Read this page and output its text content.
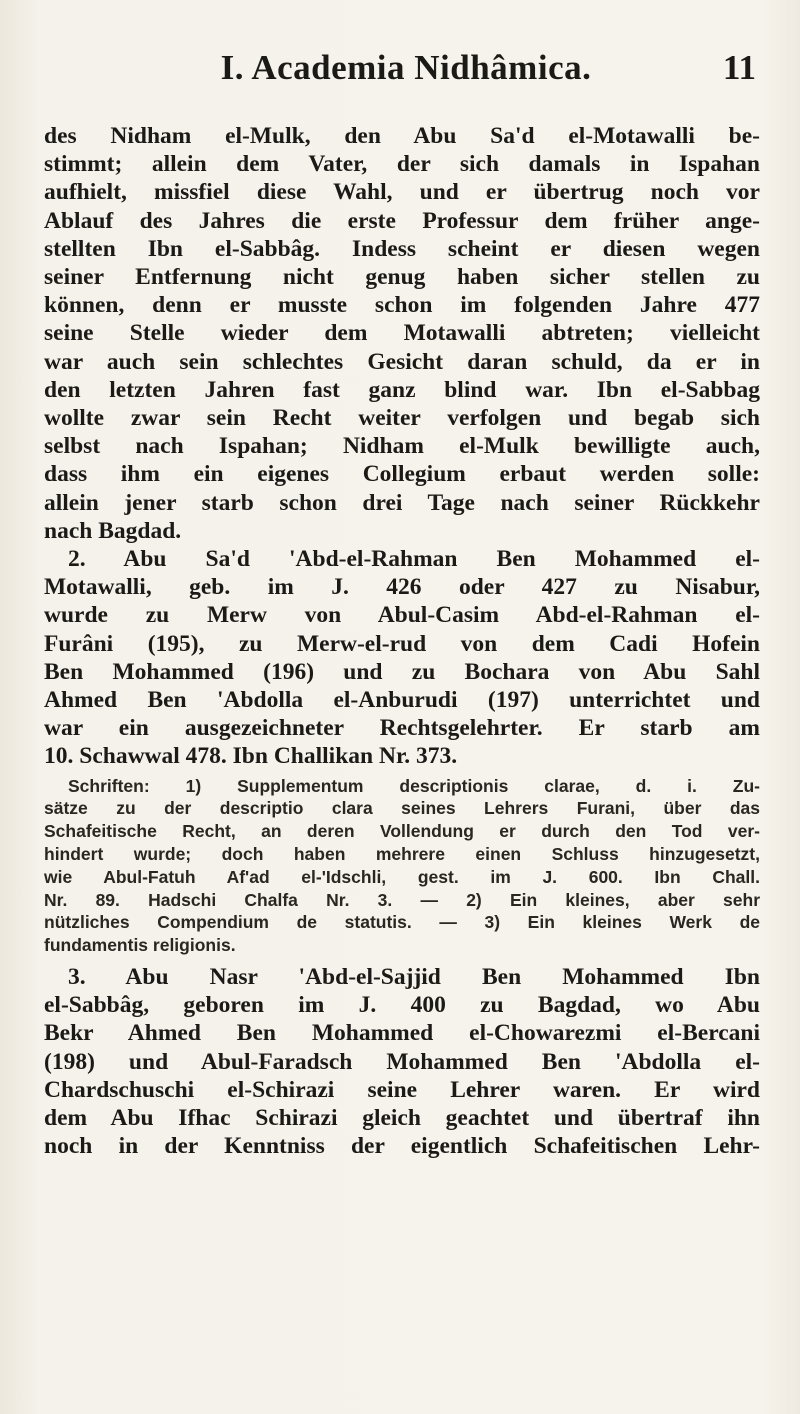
I. Academia Nidhâmica.	11
des Nidham el-Mulk, den Abu Sa'd el-Motawalli be-
stimmt; allein dem Vater, der sich damals in Ispahan
aufhielt, missfiel diese Wahl, und er übertrug noch vor
Ablauf des Jahres die erste Professur dem früher ange-
stellten Ibn el-Sabbâg. Indess scheint er diesen wegen
seiner Entfernung nicht genug haben sicher stellen zu
können, denn er musste schon im folgenden Jahre 477
seine Stelle wieder dem Motawalli abtreten; vielleicht
war auch sein schlechtes Gesicht daran schuld, da er in
den letzten Jahren fast ganz blind war. Ibn el-Sabbag
wollte zwar sein Recht weiter verfolgen und begab sich
selbst nach Ispahan; Nidham el-Mulk bewilligte auch,
dass ihm ein eigenes Collegium erbaut werden solle:
allein jener starb schon drei Tage nach seiner Rückkehr
nach Bagdad.
2. Abu Sa'd 'Abd-el-Rahman Ben Mohammed el-
Motawalli, geb. im J. 426 oder 427 zu Nisabur,
wurde zu Merw von Abul-Casim Abd-el-Rahman el-
Furâni (195), zu Merw-el-rud von dem Cadi Hofein
Ben Mohammed (196) und zu Bochara von Abu Sahl
Ahmed Ben 'Abdolla el-Anburudi (197) unterrichtet und
war ein ausgezeichneter Rechtsgelehrter. Er starb am
10. Schawwal 478. Ibn Challikan Nr. 373.
Schriften: 1) Supplementum descriptionis clarae, d. i. Zu-
sätze zu der descriptio clara seines Lehrers Furani, über das
Schafeitische Recht, an deren Vollendung er durch den Tod ver-
hindert wurde; doch haben mehrere einen Schluss hinzugesetzt,
wie Abul-Fatuh Af'ad el-'Idschli, gest. im J. 600. Ibn Chall.
Nr. 89. Hadschi Chalfa Nr. 3. — 2) Ein kleines, aber sehr
nützliches Compendium de statutis. — 3) Ein kleines Werk de
fundamentis religionis.
3. Abu Nasr 'Abd-el-Sajjid Ben Mohammed Ibn
el-Sabbâg, geboren im J. 400 zu Bagdad, wo Abu
Bekr Ahmed Ben Mohammed el-Chowarezmi el-Bercani
(198) und Abul-Faradsch Mohammed Ben 'Abdolla el-
Chardschuschi el-Schirazi seine Lehrer waren. Er wird
dem Abu Ifhac Schirazi gleich geachtet und übertraf ihn
noch in der Kenntniss der eigentlich Schafeitischen Lehr-
